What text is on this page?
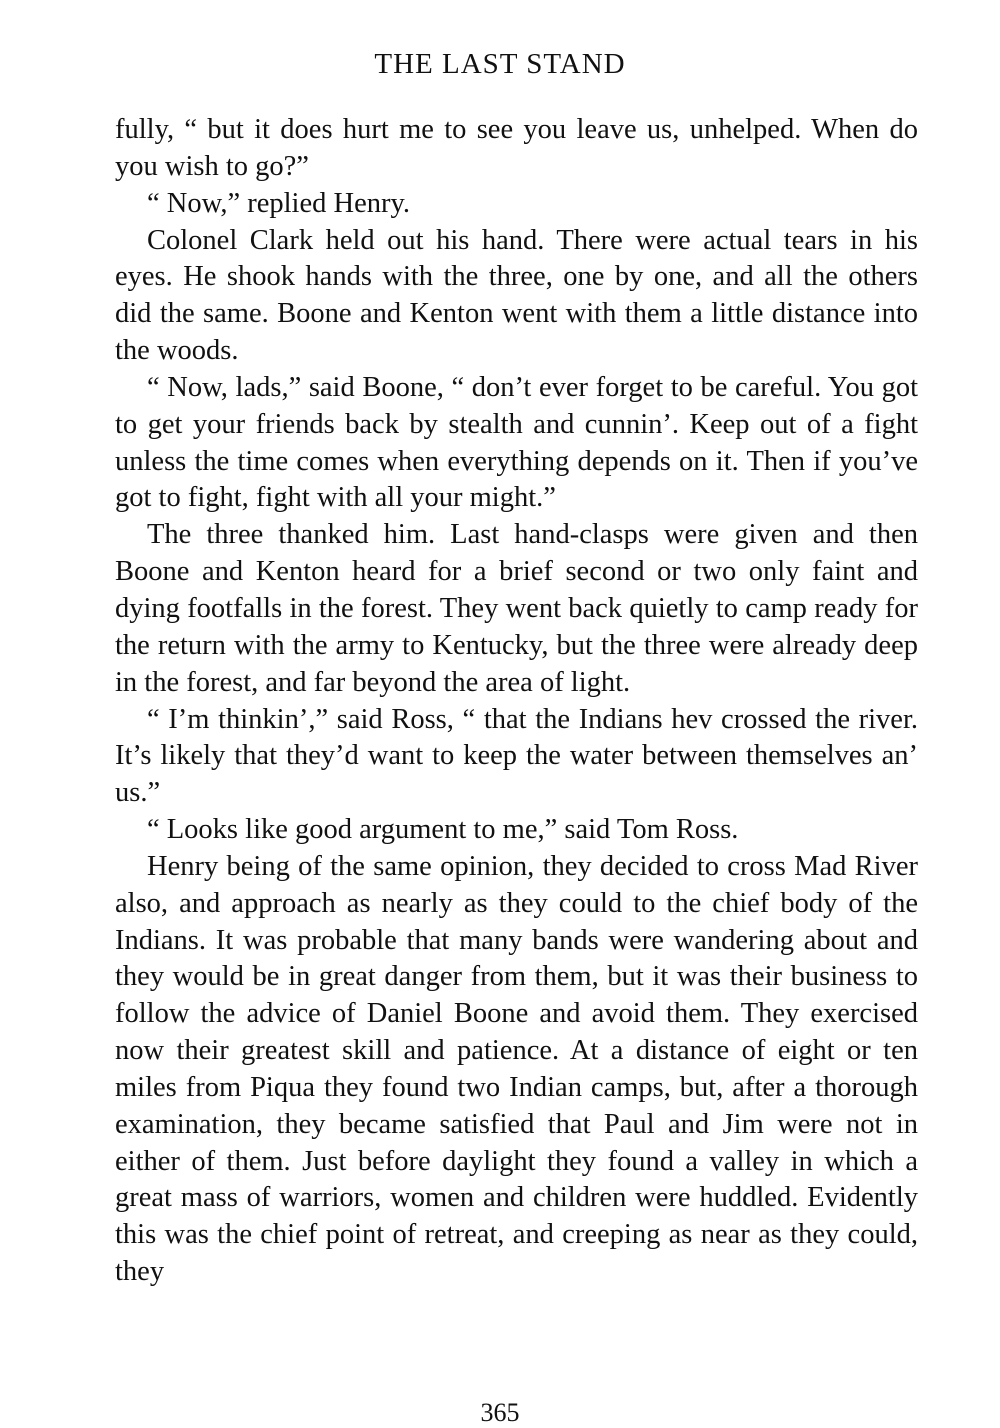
THE LAST STAND

fully, “ but it does hurt me to see you leave us, unhelped. When do you wish to go?”

“ Now,” replied Henry.

Colonel Clark held out his hand. There were actual tears in his eyes. He shook hands with the three, one by one, and all the others did the same. Boone and Kenton went with them a little distance into the woods.

“ Now, lads,” said Boone, “ don’t ever forget to be careful. You got to get your friends back by stealth and cunnin’. Keep out of a fight unless the time comes when everything depends on it. Then if you’ve got to fight, fight with all your might.”

The three thanked him. Last hand-clasps were given and then Boone and Kenton heard for a brief second or two only faint and dying footfalls in the forest. They went back quietly to camp ready for the return with the army to Kentucky, but the three were already deep in the forest, and far beyond the area of light.

“ I’m thinkin’,” said Ross, “ that the Indians hev crossed the river. It’s likely that they’d want to keep the water between themselves an’ us.”

“ Looks like good argument to me,” said Tom Ross.

Henry being of the same opinion, they decided to cross Mad River also, and approach as nearly as they could to the chief body of the Indians. It was probable that many bands were wandering about and they would be in great danger from them, but it was their business to follow the advice of Daniel Boone and avoid them. They exercised now their greatest skill and patience. At a distance of eight or ten miles from Piqua they found two Indian camps, but, after a thorough examination, they became satisfied that Paul and Jim were not in either of them. Just before daylight they found a valley in which a great mass of warriors, women and children were huddled. Evidently this was the chief point of retreat, and creeping as near as they could, they

365
